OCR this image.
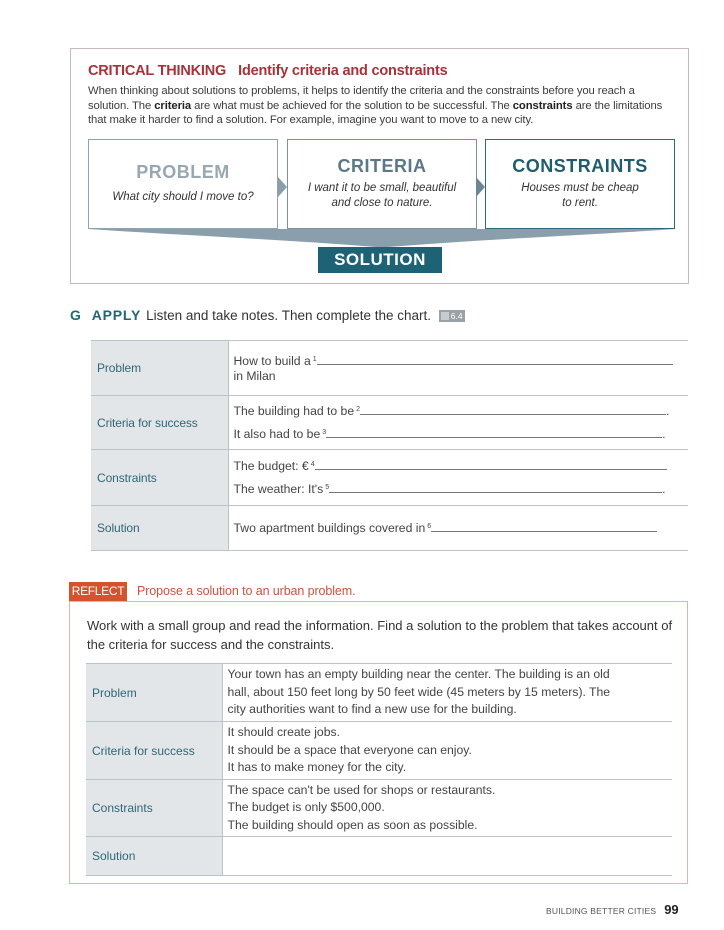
CRITICAL THINKING Identify criteria and constraints

When thinking about solutions to problems, it helps to identify the criteria and the constraints before you reach a solution. The criteria are what must be achieved for the solution to be successful. The constraints are the limitations that make it harder to find a solution. For example, imagine you want to move to a new city.

PROBLEM
What city should I move to?
CRITERIA
I want it to be small, beautiful
and close to nature.
CONSTRAINTS
Houses must be cheap
to rent.
SOLUTION
G APPLY Listen and take notes. Then complete the chart. 6.4
Problem	How to build a $^1$
in Milan

Criteria for success	
The building had to be $^2$	.
It also had to be $^3$	.

Constraints	The budget: € $^4$
The weather: It's $^5$ .

Solution	Two apartment buildings covered in $^6$
REFLECT Propose a solution to an urban problem.

Work with a small group and read the information. Find a solution to the problem that takes account of the criteria for success and the constraints.

Problem	Your town has an empty building near the center. The building is an old
hall, about 150 feet long by 50 feet wide (45 meters by 15 meters). The
city authorities want to find a new use for the building.

Criteria for success	It should create jobs.
It should be a space that everyone can enjoy.
It has to make money for the city.

Constraints	The space can't be used for shops or restaurants.
The budget is only $500,000.
The building should open as soon as possible.

Solution	
BUILDING BETTER CITIES 99
